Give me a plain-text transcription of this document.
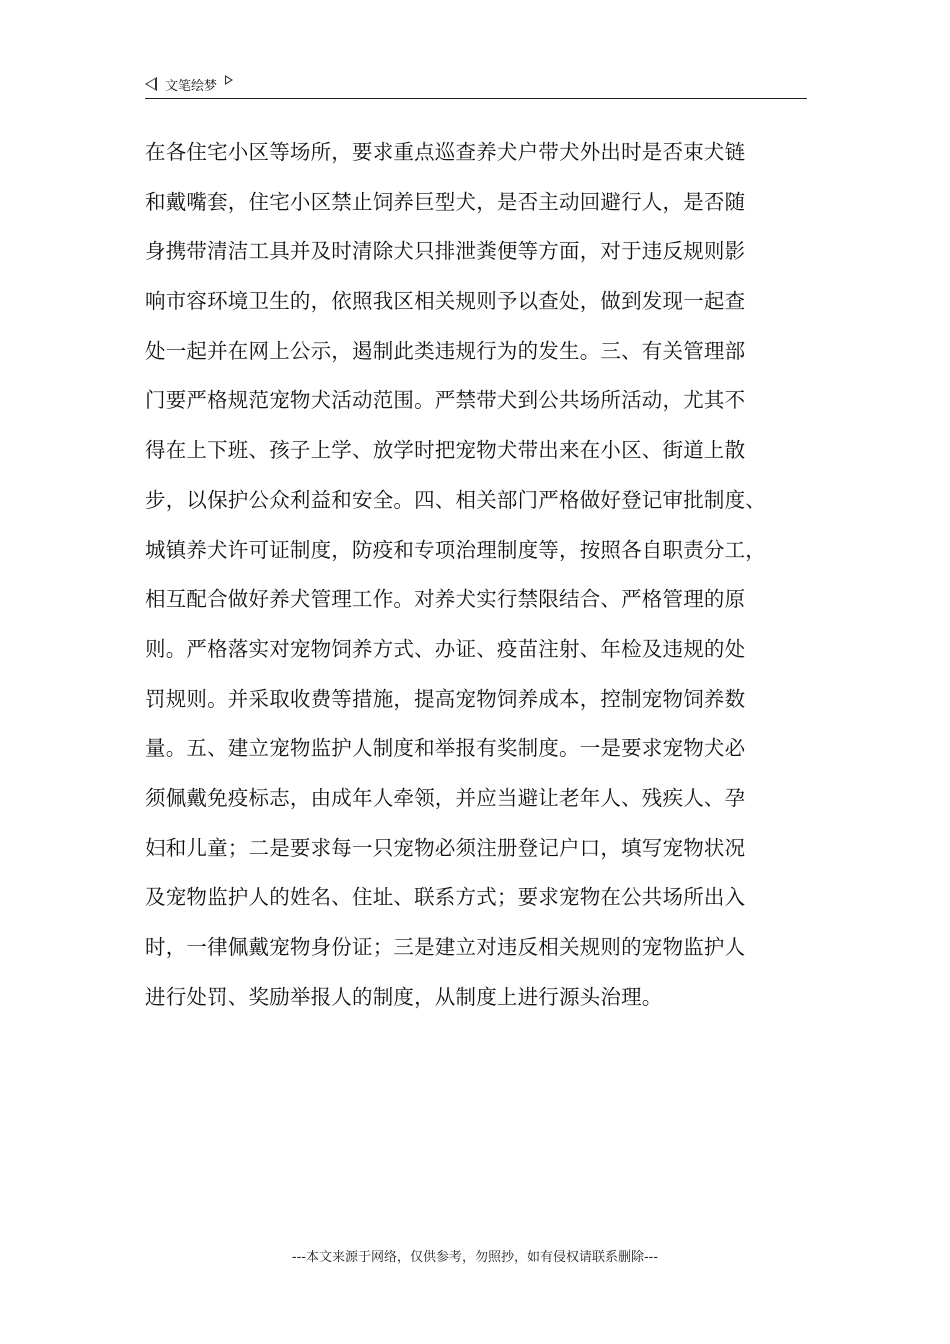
文笔绘梦
在各住宅小区等场所，要求重点巡查养犬户带犬外出时是否束犬链
和戴嘴套，住宅小区禁止饲养巨型犬，是否主动回避行人，是否随
身携带清洁工具并及时清除犬只排泄粪便等方面，对于违反规则影
响市容环境卫生的，依照我区相关规则予以查处，做到发现一起查
处一起并在网上公示，遏制此类违规行为的发生。三、有关管理部
门要严格规范宠物犬活动范围。严禁带犬到公共场所活动，尤其不
得在上下班、孩子上学、放学时把宠物犬带出来在小区、街道上散
步，以保护公众利益和安全。四、相关部门严格做好登记审批制度、
城镇养犬许可证制度，防疫和专项治理制度等，按照各自职责分工，
相互配合做好养犬管理工作。对养犬实行禁限结合、严格管理的原
则。严格落实对宠物饲养方式、办证、疫苗注射、年检及违规的处
罚规则。并采取收费等措施，提高宠物饲养成本，控制宠物饲养数
量。五、建立宠物监护人制度和举报有奖制度。一是要求宠物犬必
须佩戴免疫标志，由成年人牵领，并应当避让老年人、残疾人、孕
妇和儿童；二是要求每一只宠物必须注册登记户口，填写宠物状况
及宠物监护人的姓名、住址、联系方式；要求宠物在公共场所出入
时，一律佩戴宠物身份证；三是建立对违反相关规则的宠物监护人
进行处罚、奖励举报人的制度，从制度上进行源头治理。
---本文来源于网络，仅供参考，勿照抄，如有侵权请联系删除---
